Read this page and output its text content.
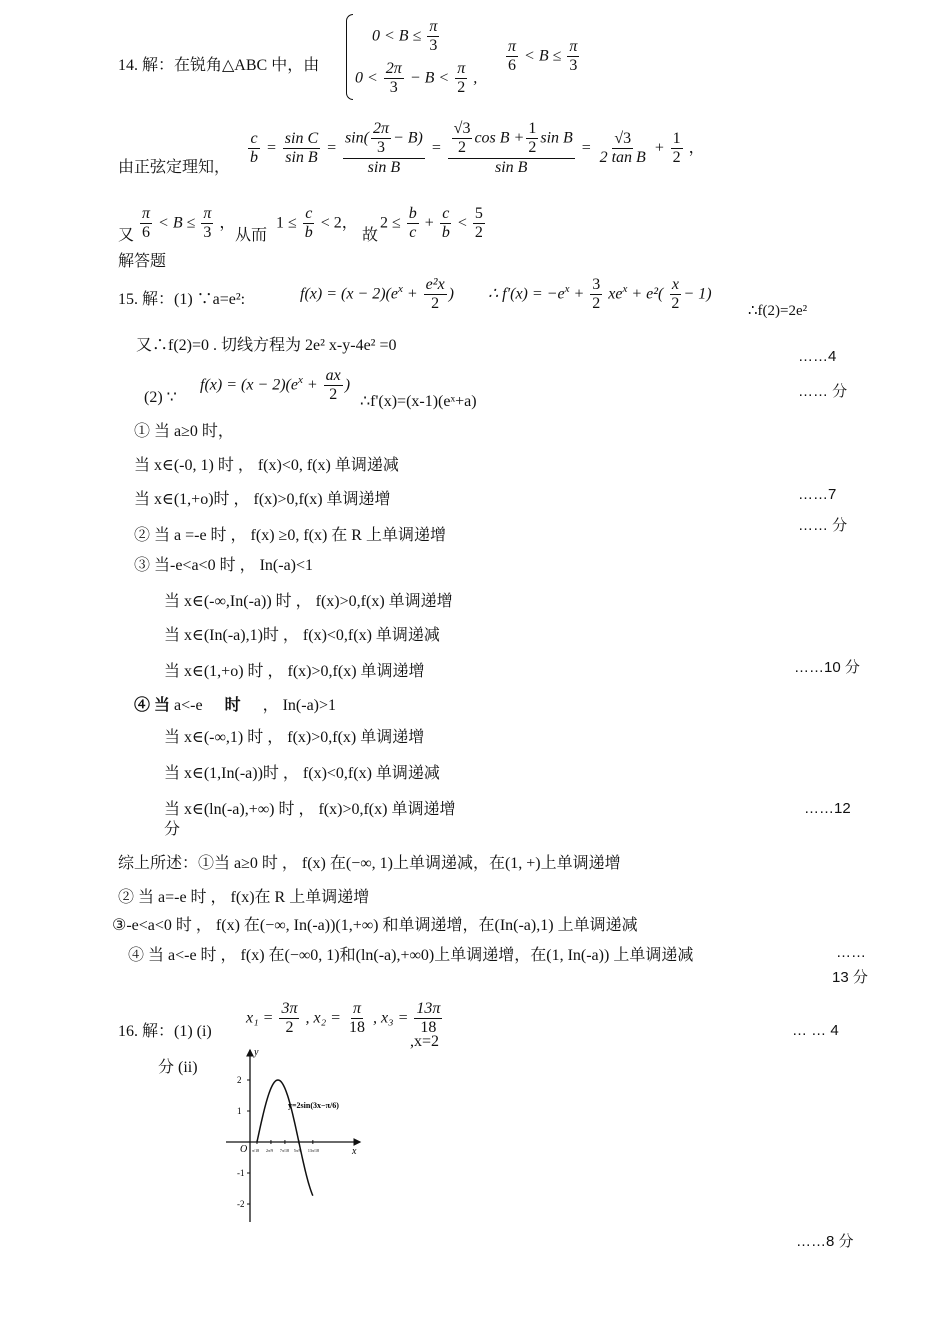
14. 解：在锐角△ABC 中，由
$0 < B \le \frac{\pi}{3}$
$0 < \frac{2\pi}{3} - B < \frac{\pi}{2}$ ,
$\frac{\pi}{6} < B \le \frac{\pi}{3}$
由正弦定理知，
$\frac{c}{b} = \frac{\text{sin C}}{\text{sin B}} = \frac{\sin( \frac{2\pi}{3} - B)}{\text{sin B}} = \frac{\frac{√3}{2} \cos B + \frac{1}{2} \sin B}{\text{sin B}} = \frac{√3}{\text{2 tan B}} + \frac{1}{2}$ ，
又 $\frac{\pi}{6} < B \le \frac{\pi}{3}$ ，
从而
$1 \le \frac{c}{b} < 2$，
故
$2 \le \frac{b}{c} + \frac{c}{b} < \frac{5}{2}$
解答题
15. 解：(1) ∵a=e²:	$f(x) = (x - 2)(e^x + \frac{\text{e²x}}{2}$ ) ∴ $f'(x) = -e^x + \frac{3}{2} xe^x + e^2( \frac{x}{2} - 1)$
∴f(2)=2e²
又∴f(2)=0 . 切线方程为 2e² x-y-4e² =0
……4
(2) ∵
$f(x) = (x - 2)(e^x + \frac{ax}{2}$ )
∴f'(x)=(x-1)(eˣ+a)
…… 分
① 当 a≥0 时，
当 x∈(-0, 1) 时 ， f(x)<0, f(x) 单调递减
当 x∈(1,+o)时 ， f(x)>0,f(x) 单调递增	……7
…… 分
② 当 a =-e 时 ， f(x) ≥0, f(x) 在 R 上单调递增
③ 当-e<a<0 时 ， In(-a)<1
当 x∈(-∞,In(-a)) 时 ， f(x)>0,f(x) 单调递增
当 x∈(In(-a),1)时 ， f(x)<0,f(x) 单调递减
当 x∈(1,+o) 时 ， f(x)>0,f(x) 单调递增	……10 分
④ 当 a<-e 时 ， In(-a)>1
当 x∈(-∞,1) 时 ， f(x)>0,f(x) 单调递增
当 x∈(1,In(-a))时 ， f(x)<0,f(x) 单调递减
当 x∈(ln(-a),+∞) 时 ， f(x)>0,f(x) 单调递增	……12
分
综上所述：①当 a≥0 时 ， f(x) 在(−∞, 1)上单调递减，在(1, +)上单调递增
② 当 a=-e 时 ， f(x)在 R 上单调递增
③-e<a<0 时 ， f(x) 在(−∞, In(-a))(1,+∞) 和单调递增，在(In(-a),1) 上单调递减
④ 当 a<-e 时 ， f(x) 在(−∞0, 1)和(ln(-a),+∞0)上单调递增，在(1, In(-a)) 上单调递减	……
13 分
16. 解：(1) (i)
$x_1 = \frac{3\pi}{2}$ , $x_2 = \frac{\pi}{18}$ , $x_3 = \frac{13\pi}{18}$
,x=2
… … 4
分 (ii)
y
x
O
2
1
-1
-2
π/18 2π/9 7π/18 5π/9 13π/18
y=2sin(3x−π/6)
……8 分
